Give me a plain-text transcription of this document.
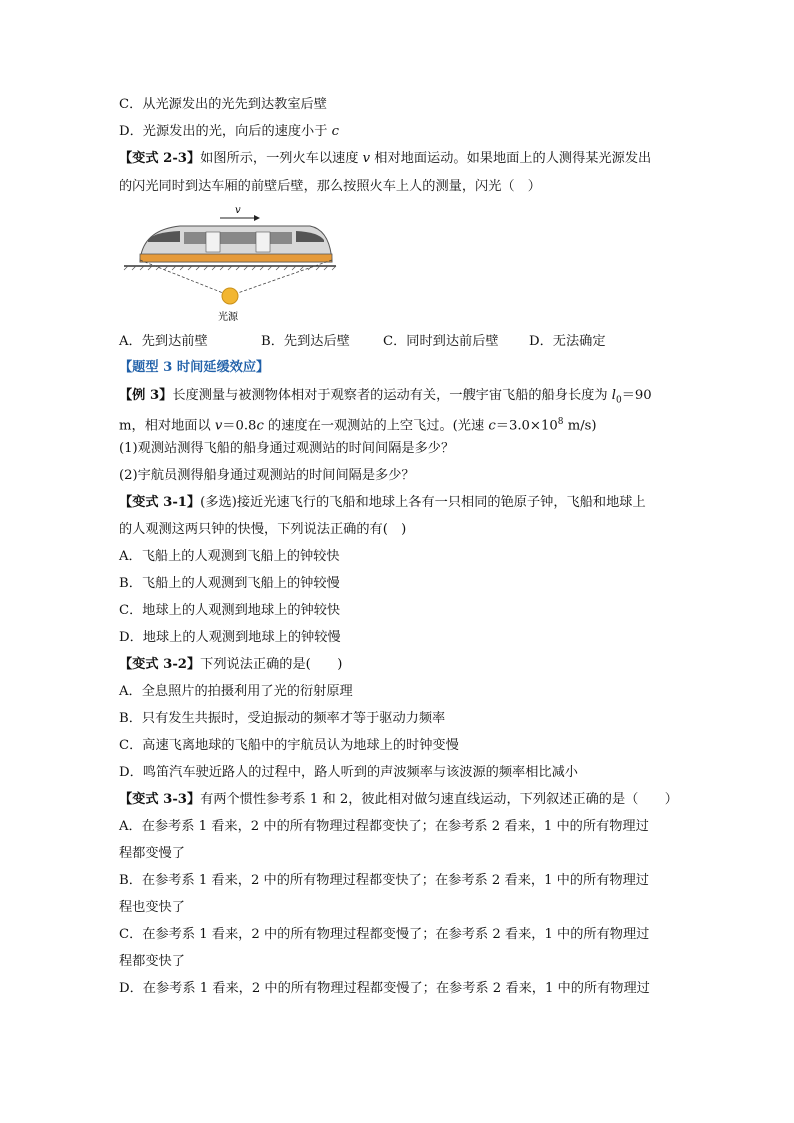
C．从光源发出的光先到达教室后壁
D．光源发出的光，向后的速度小于 c
【变式 2-3】如图所示，一列火车以速度 v 相对地面运动。如果地面上的人测得某光源发出
的闪光同时到达车厢的前壁后壁，那么按照火车上人的测量，闪光（　）
v
光源
A．先到达前壁	B．先到达后壁	C．同时到达前后壁 D．无法确定
【题型 3 时间延缓效应】
【例 3】长度测量与被测物体相对于观察者的运动有关，一艘宇宙飞船的船身长度为 $l_0=90$
m，相对地面以 v＝0.8c 的速度在一观测站的上空飞过。(光速 $c=3.0\times 10^8$ m/s)
(1)观测站测得飞船的船身通过观测站的时间间隔是多少？
(2)宇航员测得船身通过观测站的时间间隔是多少？
【变式 3-1】(多选)接近光速飞行的飞船和地球上各有一只相同的铯原子钟，飞船和地球上
的人观测这两只钟的快慢，下列说法正确的有(　)
A．飞船上的人观测到飞船上的钟较快
B．飞船上的人观测到飞船上的钟较慢
C．地球上的人观测到地球上的钟较快
D．地球上的人观测到地球上的钟较慢
【变式 3-2】下列说法正确的是(　　)
A．全息照片的拍摄利用了光的衍射原理
B．只有发生共振时，受迫振动的频率才等于驱动力频率
C．高速飞离地球的飞船中的宇航员认为地球上的时钟变慢
D．鸣笛汽车驶近路人的过程中，路人听到的声波频率与该波源的频率相比减小
【变式 3-3】有两个惯性参考系 1 和 2，彼此相对做匀速直线运动，下列叙述正确的是（　　）
A．在参考系 1 看来，2 中的所有物理过程都变快了；在参考系 2 看来，1 中的所有物理过
程都变慢了
B．在参考系 1 看来，2 中的所有物理过程都变快了；在参考系 2 看来，1 中的所有物理过
程也变快了
C．在参考系 1 看来，2 中的所有物理过程都变慢了；在参考系 2 看来，1 中的所有物理过
程都变快了
D．在参考系 1 看来，2 中的所有物理过程都变慢了；在参考系 2 看来，1 中的所有物理过
